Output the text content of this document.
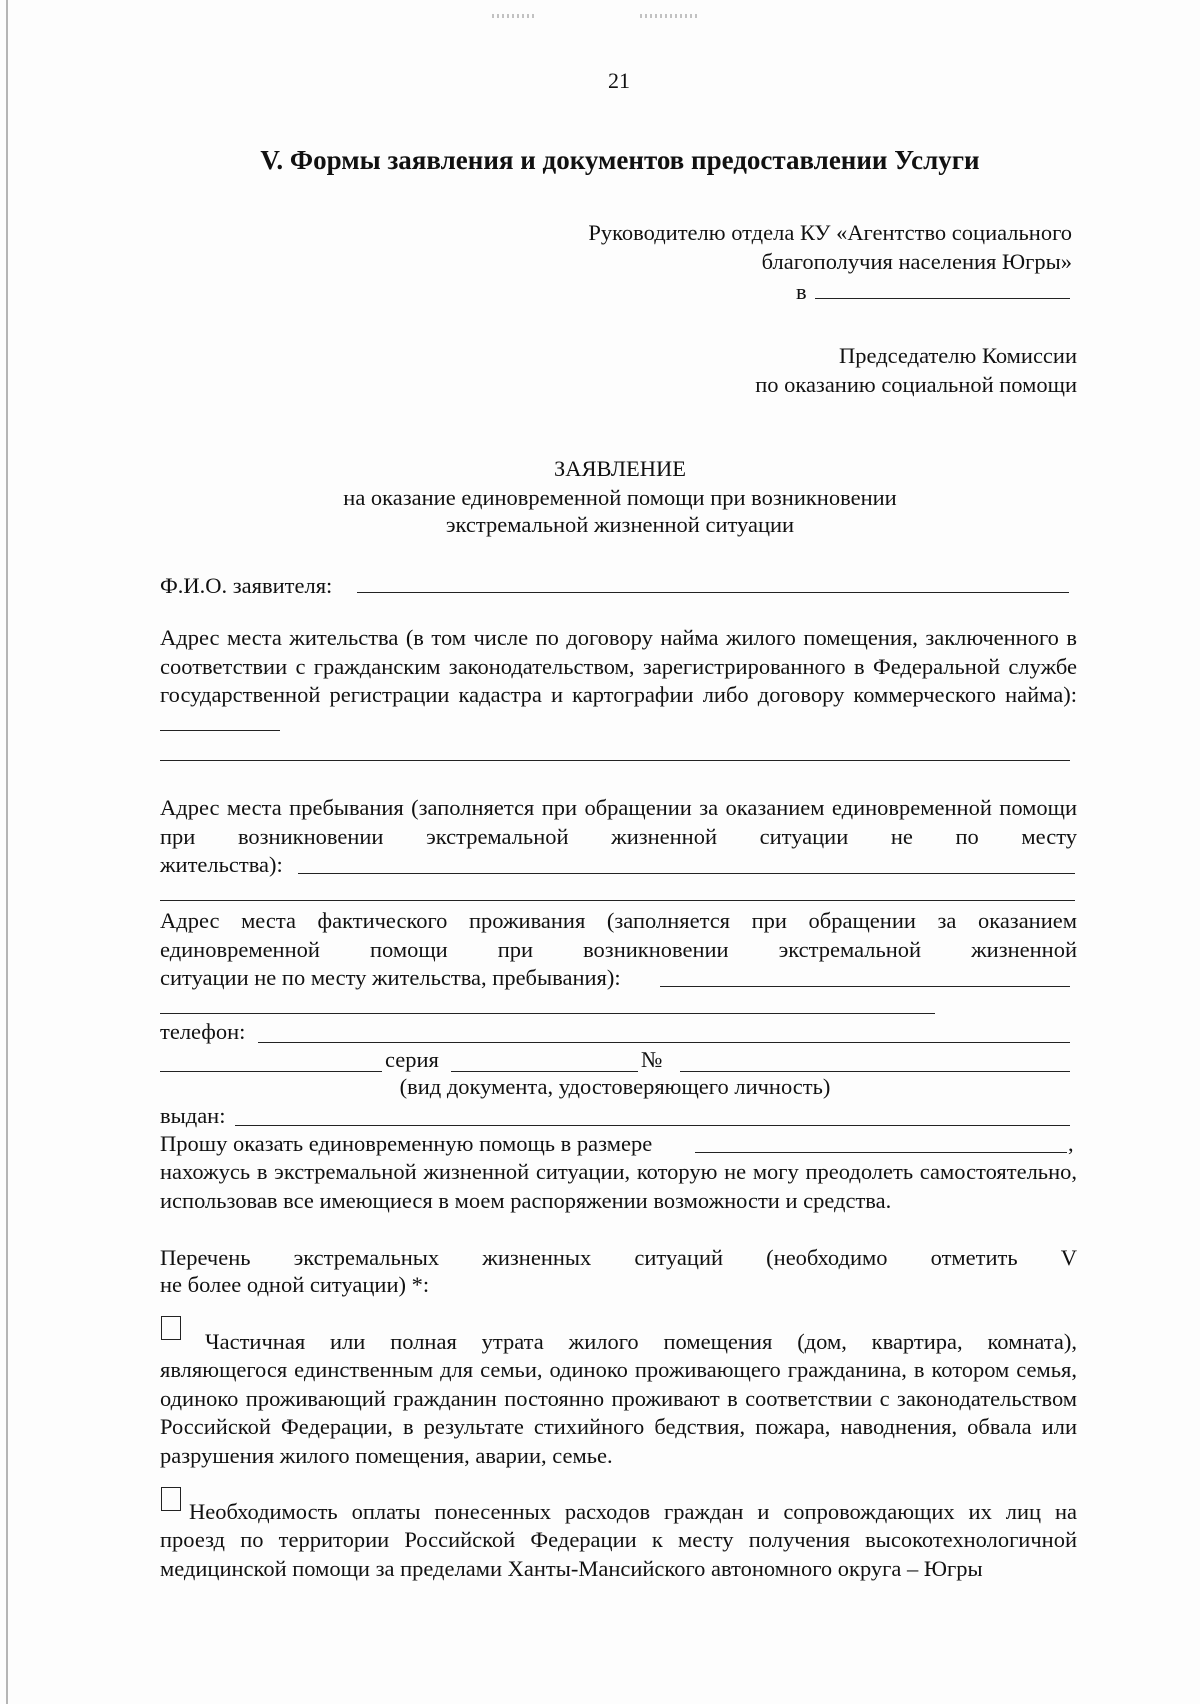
21
V. Формы заявления и документов предоставлении Услуги
Руководителю отдела КУ «Агентство социального
благополучия населения Югры»
в
Председателю Комиссии
по оказанию социальной помощи
ЗАЯВЛЕНИЕ
на оказание единовременной помощи при возникновении
экстремальной жизненной ситуации
Ф.И.О. заявителя:
Адрес места жительства (в том числе по договору найма жилого помещения, заключенного в соответствии с гражданским законодательством, зарегистрированного в Федеральной службе государственной регистрации кадастра и картографии либо договору коммерческого найма):
Адрес места пребывания (заполняется при обращении за оказанием единовременной помощи при возникновении экстремальной жизненной ситуации не по месту
жительства):
Адрес места фактического проживания (заполняется при обращении за оказанием единовременной помощи при возникновении экстремальной жизненной
ситуации не по месту жительства, пребывания):
телефон:
серия	№
(вид документа, удостоверяющего личность)
выдан:
Прошу оказать единовременную помощь в размере	,
нахожусь в экстремальной жизненной ситуации, которую не могу преодолеть самостоятельно, использовав все имеющиеся в моем распоряжении возможности и средства.
Перечень экстремальных жизненных ситуаций (необходимо отметить V
не более одной ситуации) *:
Частичная или полная утрата жилого помещения (дом, квартира, комната),
являющегося единственным для семьи, одиноко проживающего гражданина, в котором семья, одиноко проживающий гражданин постоянно проживают в соответствии с законодательством Российской Федерации, в результате стихийного бедствия, пожара, наводнения, обвала или разрушения жилого помещения, аварии, семье.
Необходимость оплаты понесенных расходов граждан и сопровождающих их лиц на
проезд по территории Российской Федерации к месту получения высокотехнологичной медицинской помощи за пределами Ханты-Мансийского автономного округа – Югры
